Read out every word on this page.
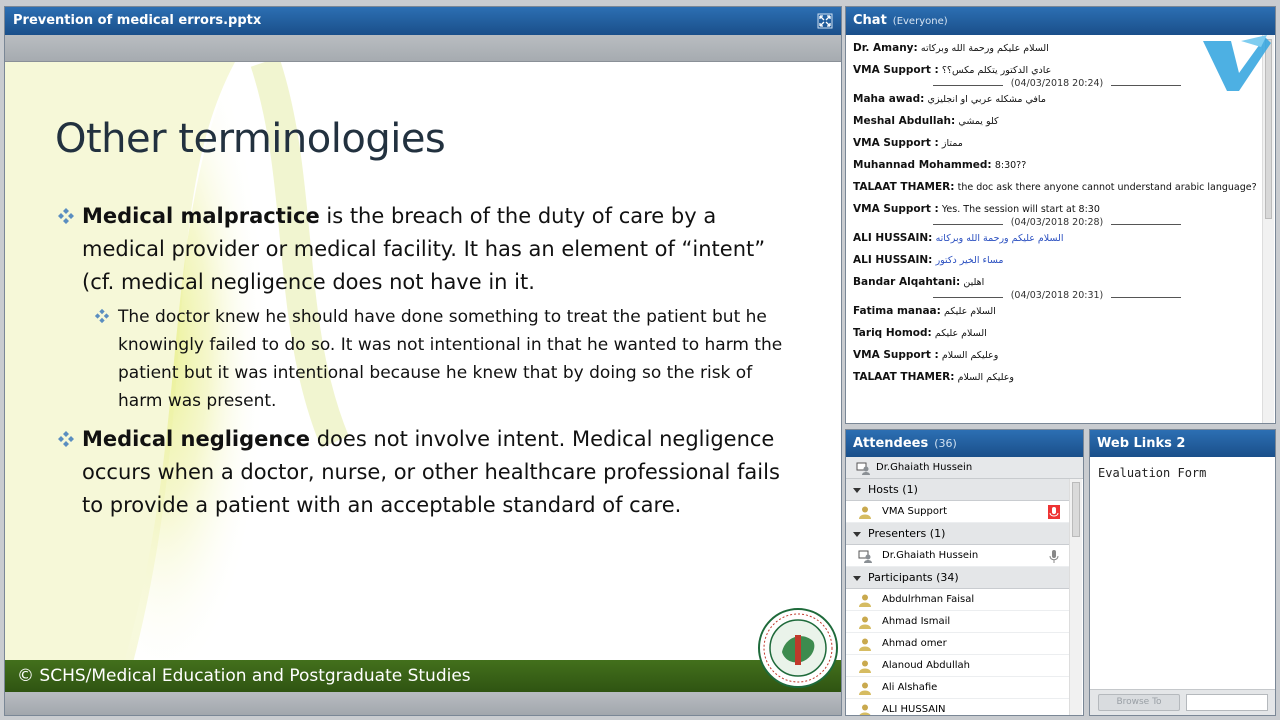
Prevention of medical errors.pptx
Other terminologies
Medical malpractice is the breach of the duty of care by a medical provider or medical facility. It has an element of “intent” (cf. medical negligence does not have in it.
The doctor knew he should have done something to treat the patient but he knowingly failed to do so. It was not intentional in that he wanted to harm the patient but it was intentional because he knew that by doing so the risk of harm was present.
Medical negligence does not involve intent. Medical negligence occurs when a doctor, nurse, or other healthcare professional fails to provide a patient with an acceptable standard of care.
© SCHS/Medical Education and Postgraduate Studies
Chat (Everyone)
Dr. Amany: السلام عليكم ورحمة الله وبركاته
VMA Support : عادي الدكتور يتكلم مكس؟؟
(04/03/2018 20:24)
Maha awad: مافي مشكله عربي او انجليزي
Meshal Abdullah: كلو يمشي
VMA Support : ممتاز
Muhannad Mohammed: 8:30??
TALAAT THAMER: the doc ask there anyone cannot understand arabic language?
VMA Support : Yes. The session will start at 8:30
(04/03/2018 20:28)
ALI HUSSAIN: السلام عليكم ورحمة الله وبركاته
ALI HUSSAIN: مساء الخير دكتور
Bandar Alqahtani: اهلين
(04/03/2018 20:31)
Fatima manaa: السلام عليكم
Tariq Homod: السلام عليكم
VMA Support : وعليكم السلام
TALAAT THAMER: وعليكم السلام
Attendees (36)
Dr.Ghaiath Hussein
Hosts (1)
VMA Support
Presenters (1)
Dr.Ghaiath Hussein
Participants (34)
Abdulrhman Faisal
Ahmad Ismail
Ahmad omer
Alanoud Abdullah
Ali Alshafie
ALI HUSSAIN
Web Links 2
Evaluation Form
Browse To
